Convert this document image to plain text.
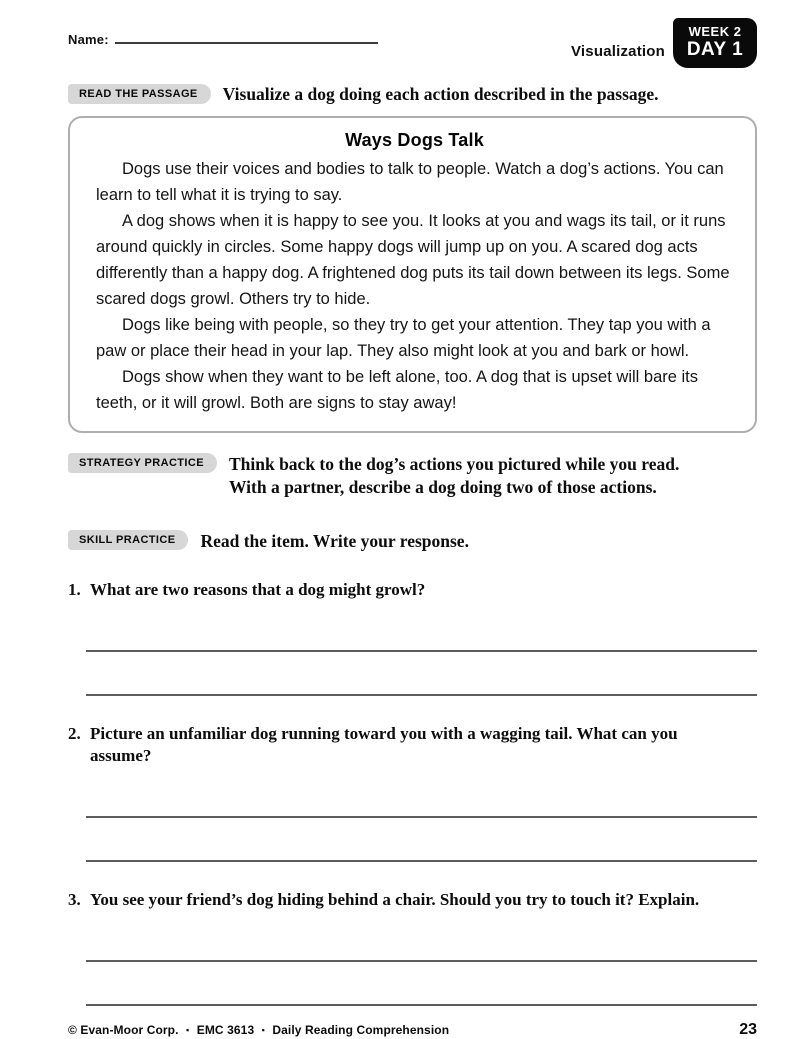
Name:
Visualization
WEEK 2
DAY 1
READ THE PASSAGE	Visualize a dog doing each action described in the passage.
Ways Dogs Talk

Dogs use their voices and bodies to talk to people. Watch a dog’s actions. You can learn to tell what it is trying to say.

A dog shows when it is happy to see you. It looks at you and wags its tail, or it runs around quickly in circles. Some happy dogs will jump up on you. A scared dog acts differently than a happy dog. A frightened dog puts its tail down between its legs. Some scared dogs growl. Others try to hide.

Dogs like being with people, so they try to get your attention. They tap you with a paw or place their head in your lap. They also might look at you and bark or howl.

Dogs show when they want to be left alone, too. A dog that is upset will bare its teeth, or it will growl. Both are signs to stay away!

STRATEGY PRACTICE	Think back to the dog’s actions you pictured while you read. With a partner, describe a dog doing two of those actions.
SKILL PRACTICE	Read the item. Write your response.
1. What are two reasons that a dog might growl?
2. Picture an unfamiliar dog running toward you with a wagging tail. What can you assume?
3. You see your friend’s dog hiding behind a chair. Should you try to touch it? Explain.
© Evan-Moor Corp. ▪ EMC 3613 ▪ Daily Reading Comprehension	23
